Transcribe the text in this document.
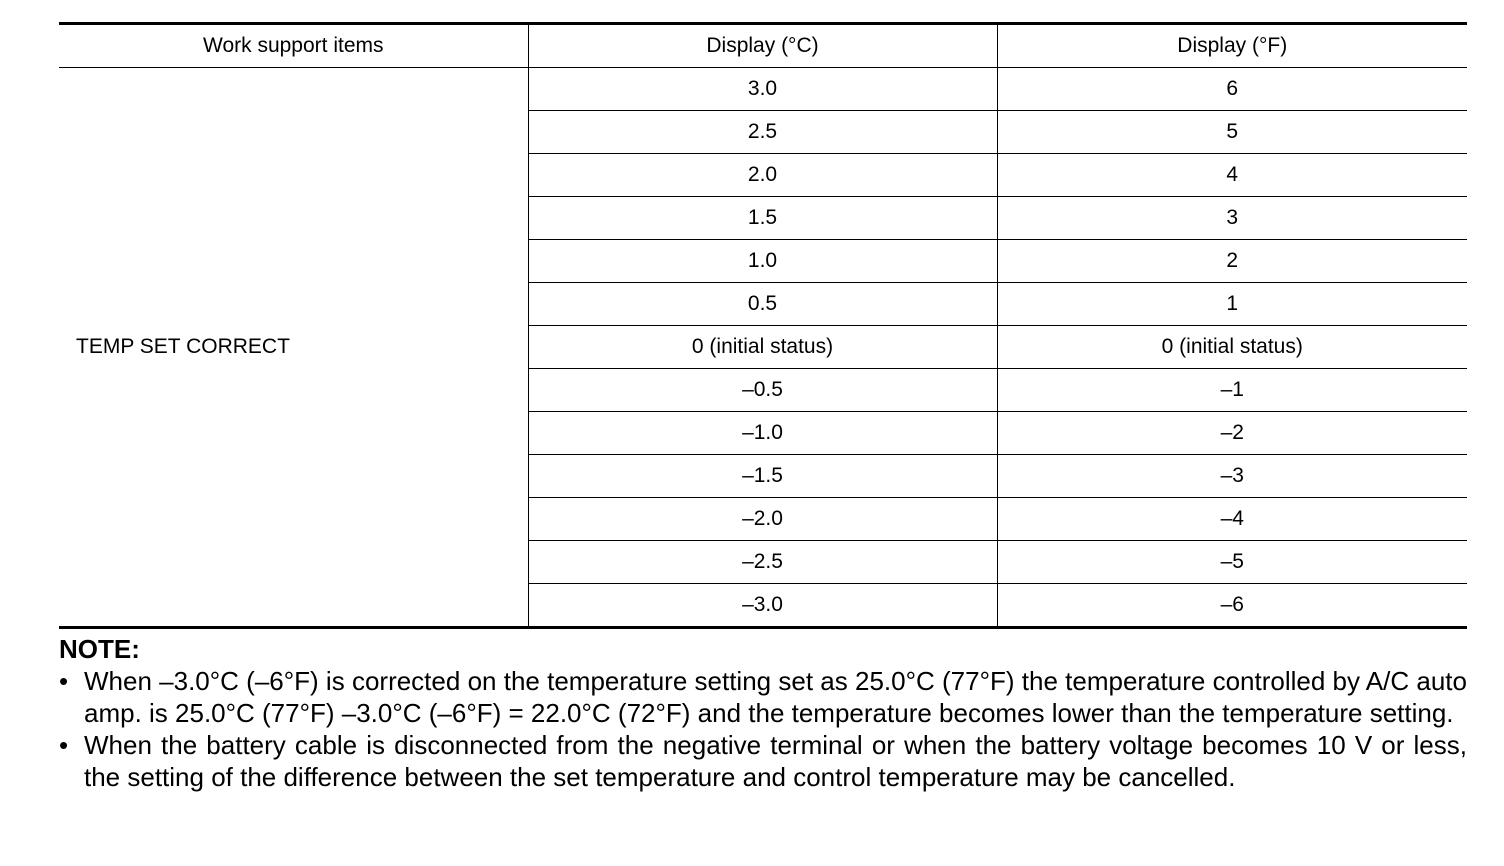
Work support items	Display (°C)	Display (°F)
TEMP SET CORRECT	3.0	6
	2.5	5
	2.0	4
	1.5	3
	1.0	2
	0.5	1
	0 (initial status)	0 (initial status)
	–0.5	–1
	–1.0	–2
	–1.5	–3
	–2.0	–4
	–2.5	–5
	–3.0	–6
NOTE:
• When –3.0°C (–6°F) is corrected on the temperature setting set as 25.0°C (77°F) the temperature controlled by A/C auto amp. is 25.0°C (77°F) –3.0°C (–6°F) = 22.0°C (72°F) and the temperature becomes lower than the temperature setting.
• When the battery cable is disconnected from the negative terminal or when the battery voltage becomes 10 V or less, the setting of the difference between the set temperature and control temperature may be cancelled.
